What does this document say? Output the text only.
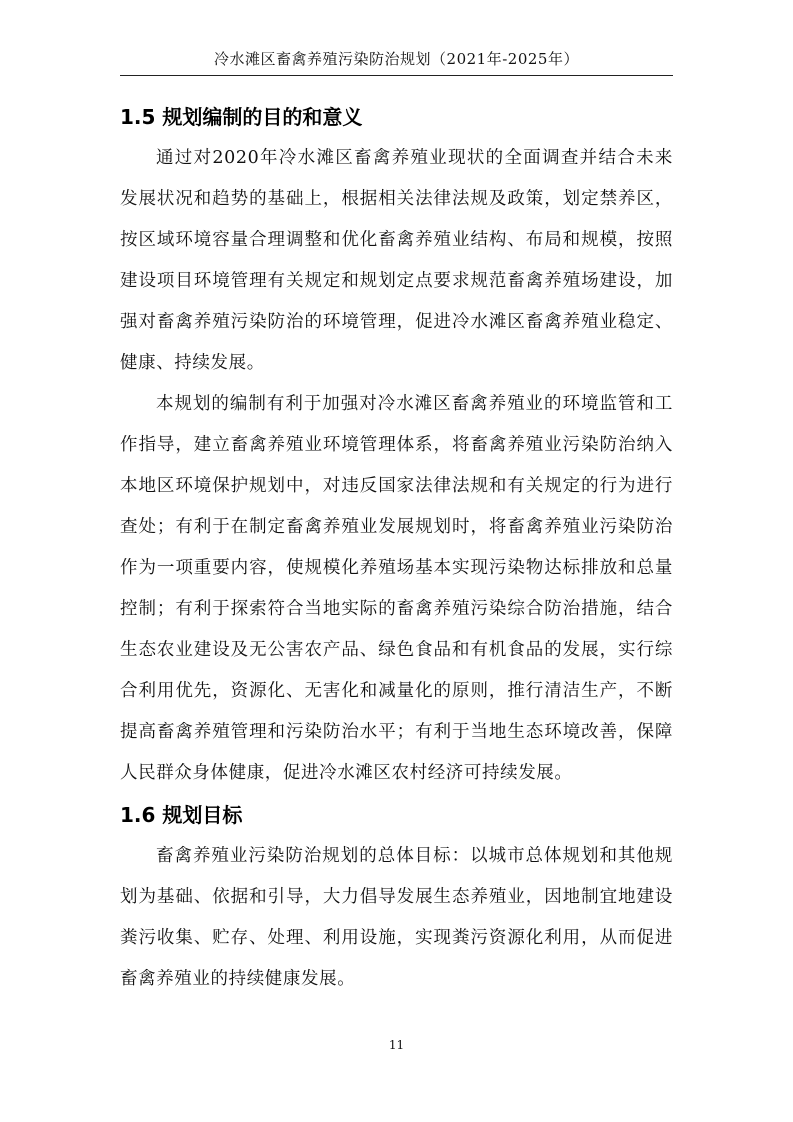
冷水滩区畜禽养殖污染防治规划（2021年-2025年）
1.5 规划编制的目的和意义

通过对2020年冷水滩区畜禽养殖业现状的全面调查并结合未来发展状况和趋势的基础上，根据相关法律法规及政策，划定禁养区，按区域环境容量合理调整和优化畜禽养殖业结构、布局和规模，按照建设项目环境管理有关规定和规划定点要求规范畜禽养殖场建设，加强对畜禽养殖污染防治的环境管理，促进冷水滩区畜禽养殖业稳定、健康、持续发展。

本规划的编制有利于加强对冷水滩区畜禽养殖业的环境监管和工作指导，建立畜禽养殖业环境管理体系，将畜禽养殖业污染防治纳入本地区环境保护规划中，对违反国家法律法规和有关规定的行为进行查处；有利于在制定畜禽养殖业发展规划时，将畜禽养殖业污染防治作为一项重要内容，使规模化养殖场基本实现污染物达标排放和总量控制；有利于探索符合当地实际的畜禽养殖污染综合防治措施，结合生态农业建设及无公害农产品、绿色食品和有机食品的发展，实行综合利用优先，资源化、无害化和减量化的原则，推行清洁生产，不断提高畜禽养殖管理和污染防治水平；有利于当地生态环境改善，保障人民群众身体健康，促进冷水滩区农村经济可持续发展。

1.6 规划目标

畜禽养殖业污染防治规划的总体目标：以城市总体规划和其他规划为基础、依据和引导，大力倡导发展生态养殖业，因地制宜地建设粪污收集、贮存、处理、利用设施，实现粪污资源化利用，从而促进畜禽养殖业的持续健康发展。

11
